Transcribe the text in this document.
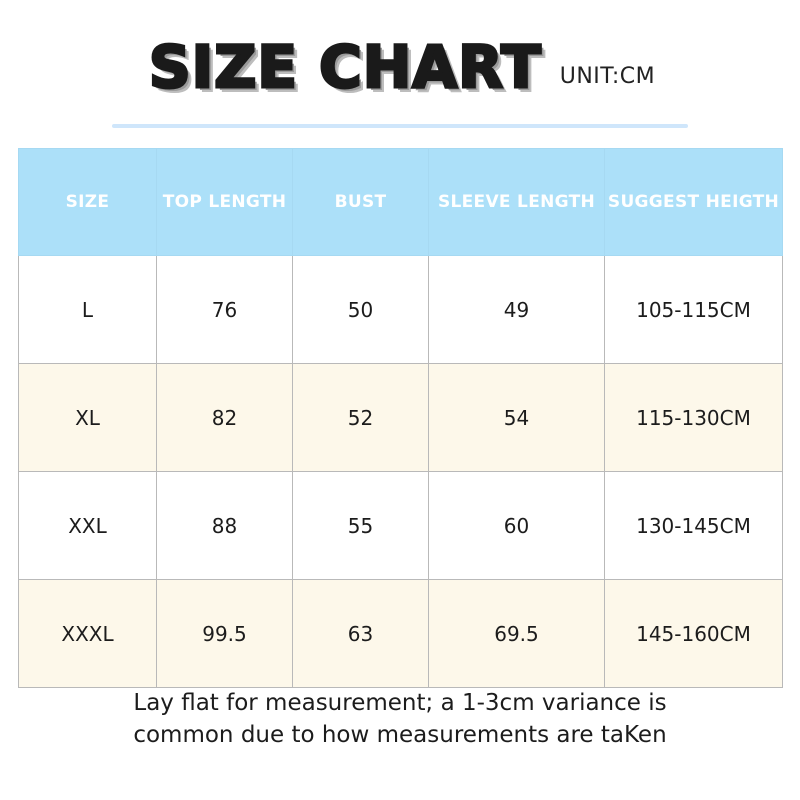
SIZE CHART UNIT:CM
SIZE	TOP LENGTH	BUST	SLEEVE LENGTH	SUGGEST HEIGTH
L	76	50	49	105-115CM
XL	82	52	54	115-130CM
XXL	88	55	60	130-145CM
XXXL	99.5	63	69.5	145-160CM
Lay flat for measurement; a 1-3cm variance is
common due to how measurements are taKen
